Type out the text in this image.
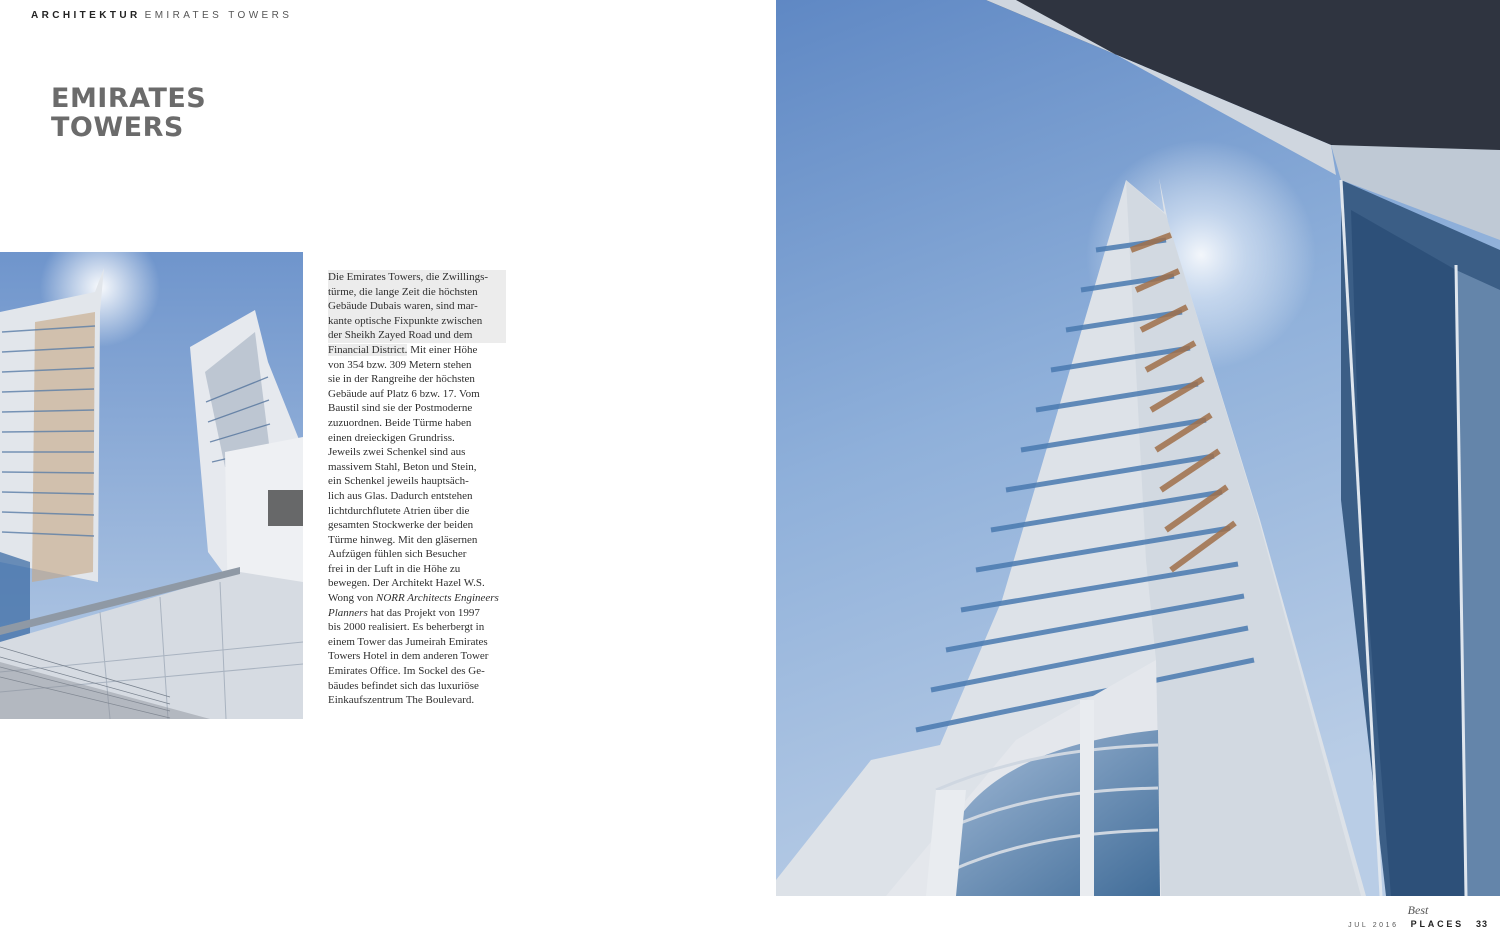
ARCHITEKTUR EMIRATES TOWERS
EMIRATES
TOWERS

Die Emirates Towers, die Zwillings-
türme, die lange Zeit die höchsten
Gebäude Dubais waren, sind mar-
kante optische Fixpunkte zwischen
der Sheikh Zayed Road und dem
Financial District. Mit einer Höhe
von 354 bzw. 309 Metern stehen
sie in der Rangreihe der höchsten
Gebäude auf Platz 6 bzw. 17. Vom
Baustil sind sie der Postmoderne
zuzuordnen. Beide Türme haben
einen dreieckigen Grundriss.
Jeweils zwei Schenkel sind aus
massivem Stahl, Beton und Stein,
ein Schenkel jeweils hauptsäch-
lich aus Glas. Dadurch entstehen
lichtdurchflutete Atrien über die
gesamten Stockwerke der beiden
Türme hinweg. Mit den gläsernen
Aufzügen fühlen sich Besucher
frei in der Luft in die Höhe zu
bewegen. Der Architekt Hazel W.S.
Wong von NORR Architects Engineers
Planners hat das Projekt von 1997
bis 2000 realisiert. Es beherbergt in
einem Tower das Jumeirah Emirates
Towers Hotel in dem anderen Tower
Emirates Office. Im Sockel des Ge-
bäudes befindet sich das luxuriöse
Einkaufszentrum The Boulevard.

JUL 2016
Best
PLACES 33
